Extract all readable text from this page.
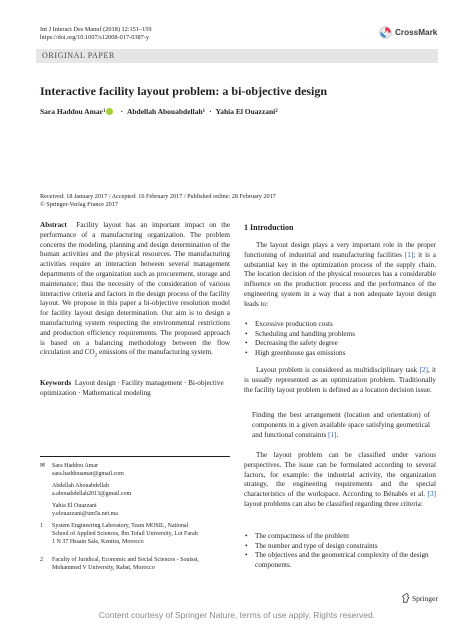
Int J Interact Des Manuf (2018) 12:151–159
https://doi.org/10.1007/s12008-017-0387-y
CrossMark
ORIGINAL PAPER
Interactive facility layout problem: a bi-objective design
Sara Haddou Amar 1 · Abdellah Abouabdellah 1 · Yahia El Ouazzani 2
Received: 18 January 2017 / Accepted: 16 February 2017 / Published online: 28 February 2017
© Springer-Verlag France 2017

Abstract Facility layout has an important impact on the performance of a manufacturing organization. The problem concerns the modeling, planning and design determination of the human activities and the physical resources. The manufacturing activities require an interaction between several management departments of the organization such as procurement, storage and maintenance; thus the necessity of the consideration of various interactive criteria and factors in the design process of the facility layout. We propose in this paper a bi-objective resolution model for facility layout design determination. Our aim is to design a manufacturing system respecting the environmental restrictions and production efficiency requirements. The proposed approach is based on a balancing methodology between the flow circulation and $CO_2$ emissions of the manufacturing system.

Keywords Layout design · Facility management · Bi-objective optimization · Mathematical modeling

✉ Sara Haddou Amar
sara.haddouamar@gmail.com
Abdellah Abouabdellah
a.abouabdellah2013@gmail.com
Yahia El Ouazzani
y.elouazzani@um5s.net.ma
1 System Engineering Laboratory, Team MOSIL, National
School of Applied Sciences, Ibn Tofail University, Lot Farah
1 N 37 Hssain Sale, Kenitra, Morocco
2 Faculty of Juridical, Economic and Social Sciences - Souissi,
Mohammed V University, Rabat, Morocco
1 Introduction

The layout design plays a very important role in the proper functioning of industrial and manufacturing facilities [1]; it is a substantial key in the optimization process of the supply chain. The location decision of the physical resources has a considerable influence on the production process and the performance of the engineering system in a way that a non adequate layout design leads to:

• Excessive production costs
• Scheduling and handling problems
• Decreasing the safety degree
• High greenhouse gas emissions

Layout problem is considered as multidisciplinary task [2], it is usually represented as an optimization problem. Traditionally the facility layout problem is defined as a location decision issue.

Finding the best arrangement (location and orientation) of components in a given available space satisfying geometrical and functional constraints [1].

The layout problem can be classified under various perspectives. The issue can be formulated according to several factors, for example: the industrial activity, the organization strategy, the engineering requirements and the special characteristics of the workspace. According to Bénabès et al. [3] layout problems can also be classified regarding three criteria:

• The compactness of the problem
• The number and type of design constraints
• The objectives and the geometrical complexity of the design components.
Springer
Content courtesy of Springer Nature, terms of use apply. Rights reserved.
